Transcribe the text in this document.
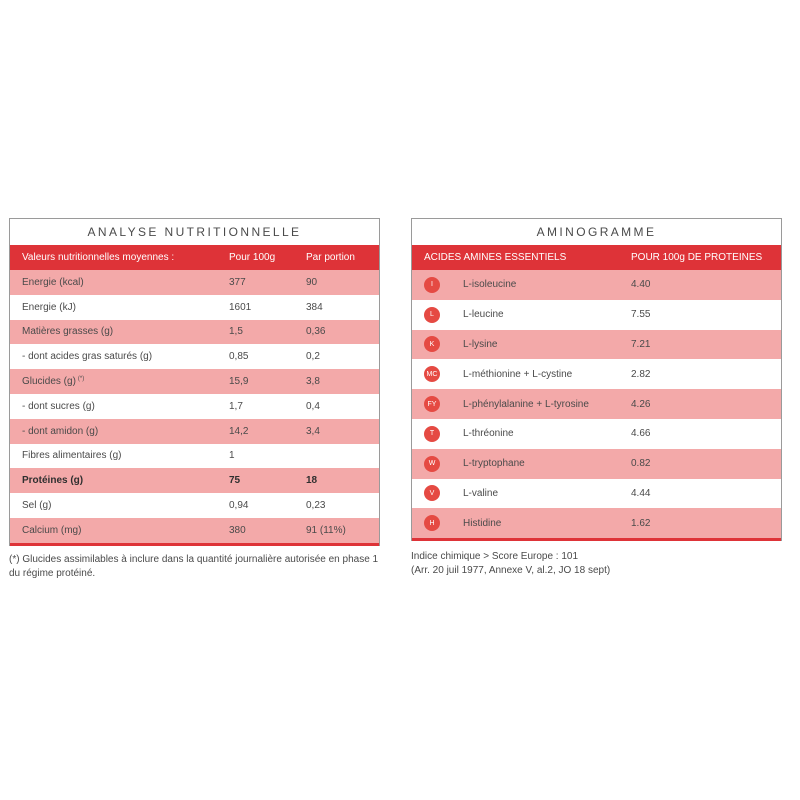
ANALYSE NUTRITIONNELLE
Valeurs nutritionnelles moyennes :	Pour 100g	Par portion
Energie (kcal)	377	90
Energie (kJ)	1601	384
Matières grasses (g)	1,5	0,36
- dont acides gras saturés (g)	0,85	0,2
Glucides (g) (*)	15,9	3,8
- dont sucres (g)	1,7	0,4
- dont amidon (g)	14,2	3,4
Fibres alimentaires (g)	1
Protéines (g)	75	18
Sel (g)	0,94	0,23
Calcium (mg)	380	91 (11%)
(*) Glucides assimilables à inclure dans la quantité journalière autorisée en phase 1 du régime protéiné.
AMINOGRAMME
ACIDES AMINES ESSENTIELS	POUR 100g DE PROTEINES
I	L-isoleucine	4.40
L	L-leucine	7.55
K	L-lysine	7.21
MC	L-méthionine + L-cystine	2.82
FY	L-phénylalanine + L-tyrosine	4.26
T	L-thréonine	4.66
W	L-tryptophane	0.82
V	L-valine	4.44
H	Histidine	1.62
Indice chimique > Score Europe : 101
(Arr. 20 juil 1977, Annexe V, al.2, JO 18 sept)
